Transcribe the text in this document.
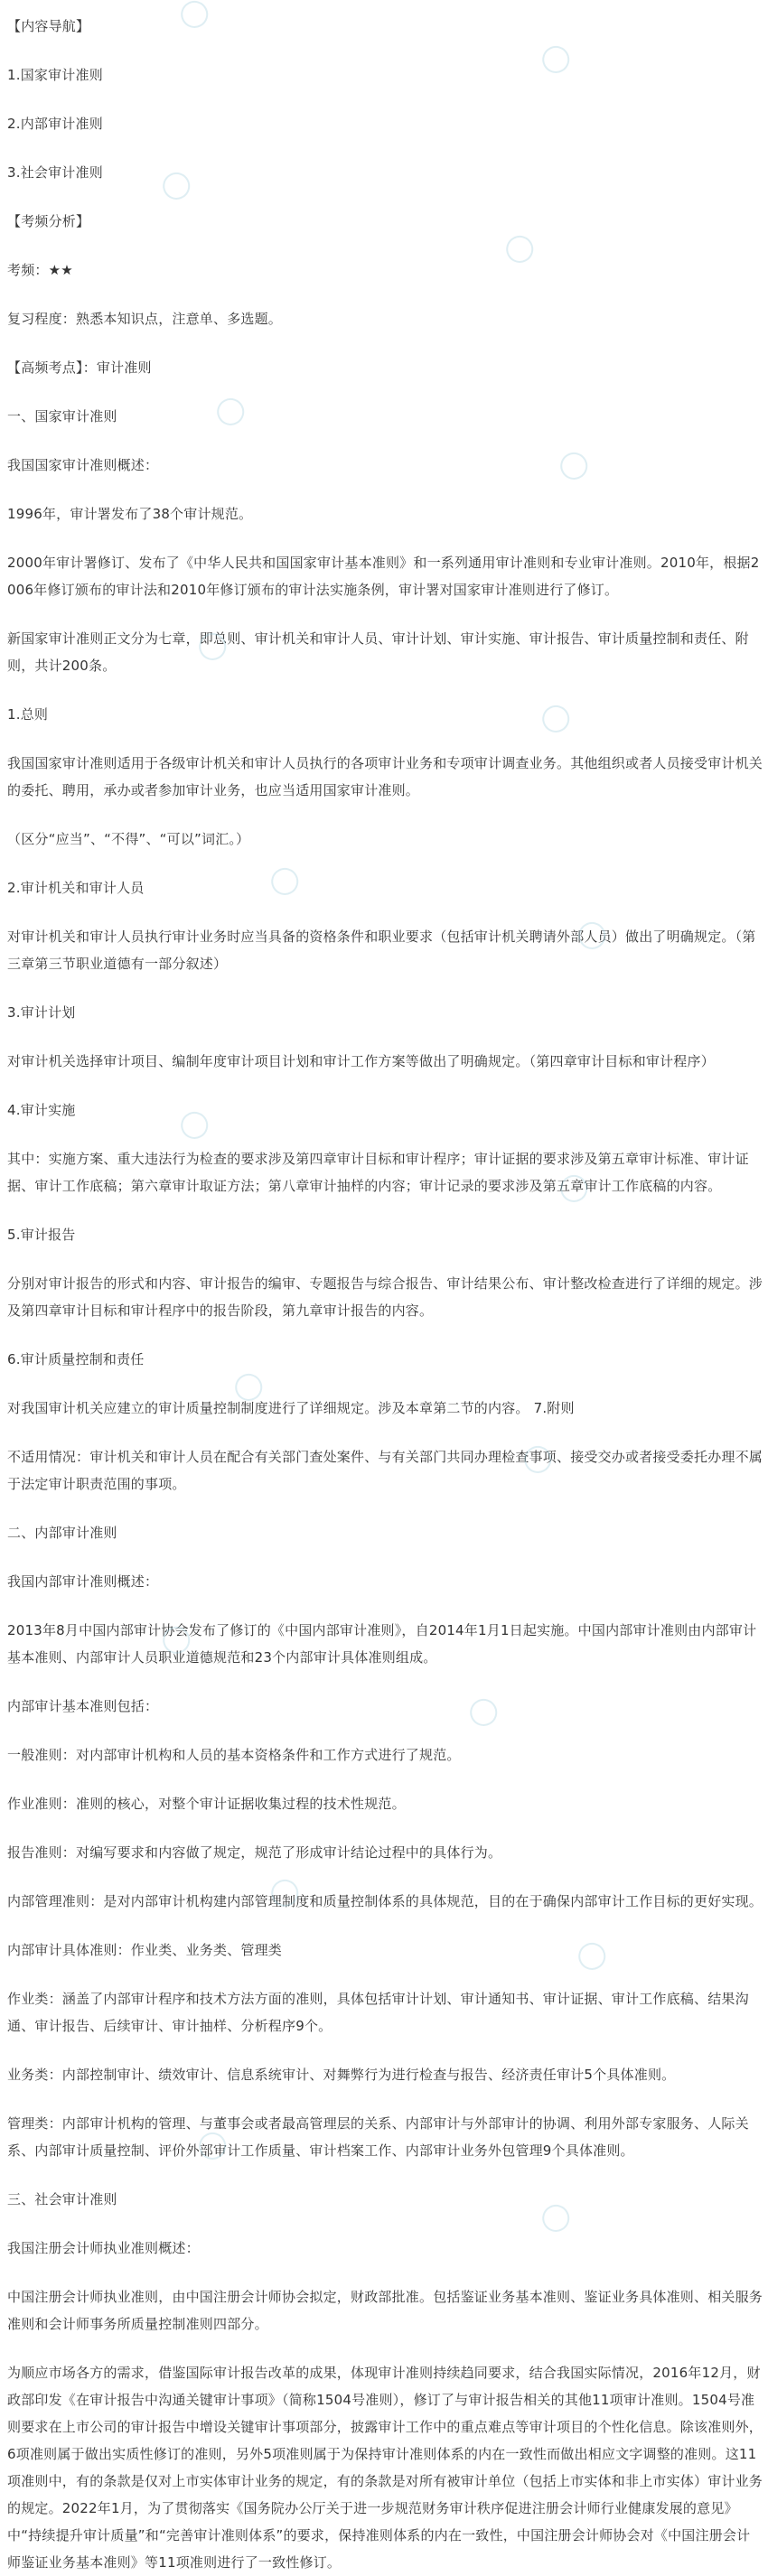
【内容导航】

1.国家审计准则

2.内部审计准则

3.社会审计准则

【考频分析】

考频：★★

复习程度：熟悉本知识点，注意单、多选题。

【高频考点】：审计准则

一、国家审计准则

我国国家审计准则概述：

1996年，审计署发布了38个审计规范。

2000年审计署修订、发布了《中华人民共和国国家审计基本准则》和一系列通用审计准则和专业审计准则。2010年，根据2006年修订颁布的审计法和2010年修订颁布的审计法实施条例，审计署对国家审计准则进行了修订。

新国家审计准则正文分为七章，即总则、审计机关和审计人员、审计计划、审计实施、审计报告、审计质量控制和责任、附则，共计200条。

1.总则

我国国家审计准则适用于各级审计机关和审计人员执行的各项审计业务和专项审计调查业务。其他组织或者人员接受审计机关的委托、聘用，承办或者参加审计业务，也应当适用国家审计准则。

（区分“应当”、“不得”、“可以”词汇。）

2.审计机关和审计人员

对审计机关和审计人员执行审计业务时应当具备的资格条件和职业要求（包括审计机关聘请外部人员）做出了明确规定。（第三章第三节职业道德有一部分叙述）

3.审计计划

对审计机关选择审计项目、编制年度审计项目计划和审计工作方案等做出了明确规定。（第四章审计目标和审计程序）

4.审计实施

其中：实施方案、重大违法行为检查的要求涉及第四章审计目标和审计程序；审计证据的要求涉及第五章审计标准、审计证据、审计工作底稿；第六章审计取证方法；第八章审计抽样的内容；审计记录的要求涉及第五章审计工作底稿的内容。

5.审计报告

分别对审计报告的形式和内容、审计报告的编审、专题报告与综合报告、审计结果公布、审计整改检查进行了详细的规定。涉及第四章审计目标和审计程序中的报告阶段，第九章审计报告的内容。

6.审计质量控制和责任

对我国审计机关应建立的审计质量控制制度进行了详细规定。涉及本章第二节的内容。 7.附则

不适用情况：审计机关和审计人员在配合有关部门查处案件、与有关部门共同办理检查事项、接受交办或者接受委托办理不属于法定审计职责范围的事项。

二、内部审计准则

我国内部审计准则概述：

2013年8月中国内部审计协会发布了修订的《中国内部审计准则》，自2014年1月1日起实施。中国内部审计准则由内部审计基本准则、内部审计人员职业道德规范和23个内部审计具体准则组成。

内部审计基本准则包括：

一般准则：对内部审计机构和人员的基本资格条件和工作方式进行了规范。

作业准则：准则的核心，对整个审计证据收集过程的技术性规范。

报告准则：对编写要求和内容做了规定，规范了形成审计结论过程中的具体行为。

内部管理准则：是对内部审计机构建内部管理制度和质量控制体系的具体规范，目的在于确保内部审计工作目标的更好实现。

内部审计具体准则：作业类、业务类、管理类

作业类：涵盖了内部审计程序和技术方法方面的准则，具体包括审计计划、审计通知书、审计证据、审计工作底稿、结果沟通、审计报告、后续审计、审计抽样、分析程序9个。

业务类：内部控制审计、绩效审计、信息系统审计、对舞弊行为进行检查与报告、经济责任审计5个具体准则。

管理类：内部审计机构的管理、与董事会或者最高管理层的关系、内部审计与外部审计的协调、利用外部专家服务、人际关系、内部审计质量控制、评价外部审计工作质量、审计档案工作、内部审计业务外包管理9个具体准则。

三、社会审计准则

我国注册会计师执业准则概述：

中国注册会计师执业准则，由中国注册会计师协会拟定，财政部批准。包括鉴证业务基本准则、鉴证业务具体准则、相关服务准则和会计师事务所质量控制准则四部分。

为顺应市场各方的需求，借鉴国际审计报告改革的成果，体现审计准则持续趋同要求，结合我国实际情况，2016年12月，财政部印发《在审计报告中沟通关键审计事项》（简称1504号准则），修订了与审计报告相关的其他11项审计准则。1504号准则要求在上市公司的审计报告中增设关键审计事项部分，披露审计工作中的重点难点等审计项目的个性化信息。除该准则外，6项准则属于做出实质性修订的准则，另外5项准则属于为保持审计准则体系的内在一致性而做出相应文字调整的准则。这11项准则中，有的条款是仅对上市实体审计业务的规定，有的条款是对所有被审计单位（包括上市实体和非上市实体）审计业务的规定。2022年1月，为了贯彻落实《国务院办公厅关于进一步规范财务审计秩序促进注册会计师行业健康发展的意见》中“持续提升审计质量”和“完善审计准则体系”的要求，保持准则体系的内在一致性，中国注册会计师协会对《中国注册会计师鉴证业务基本准则》等11项准则进行了一致性修订。
